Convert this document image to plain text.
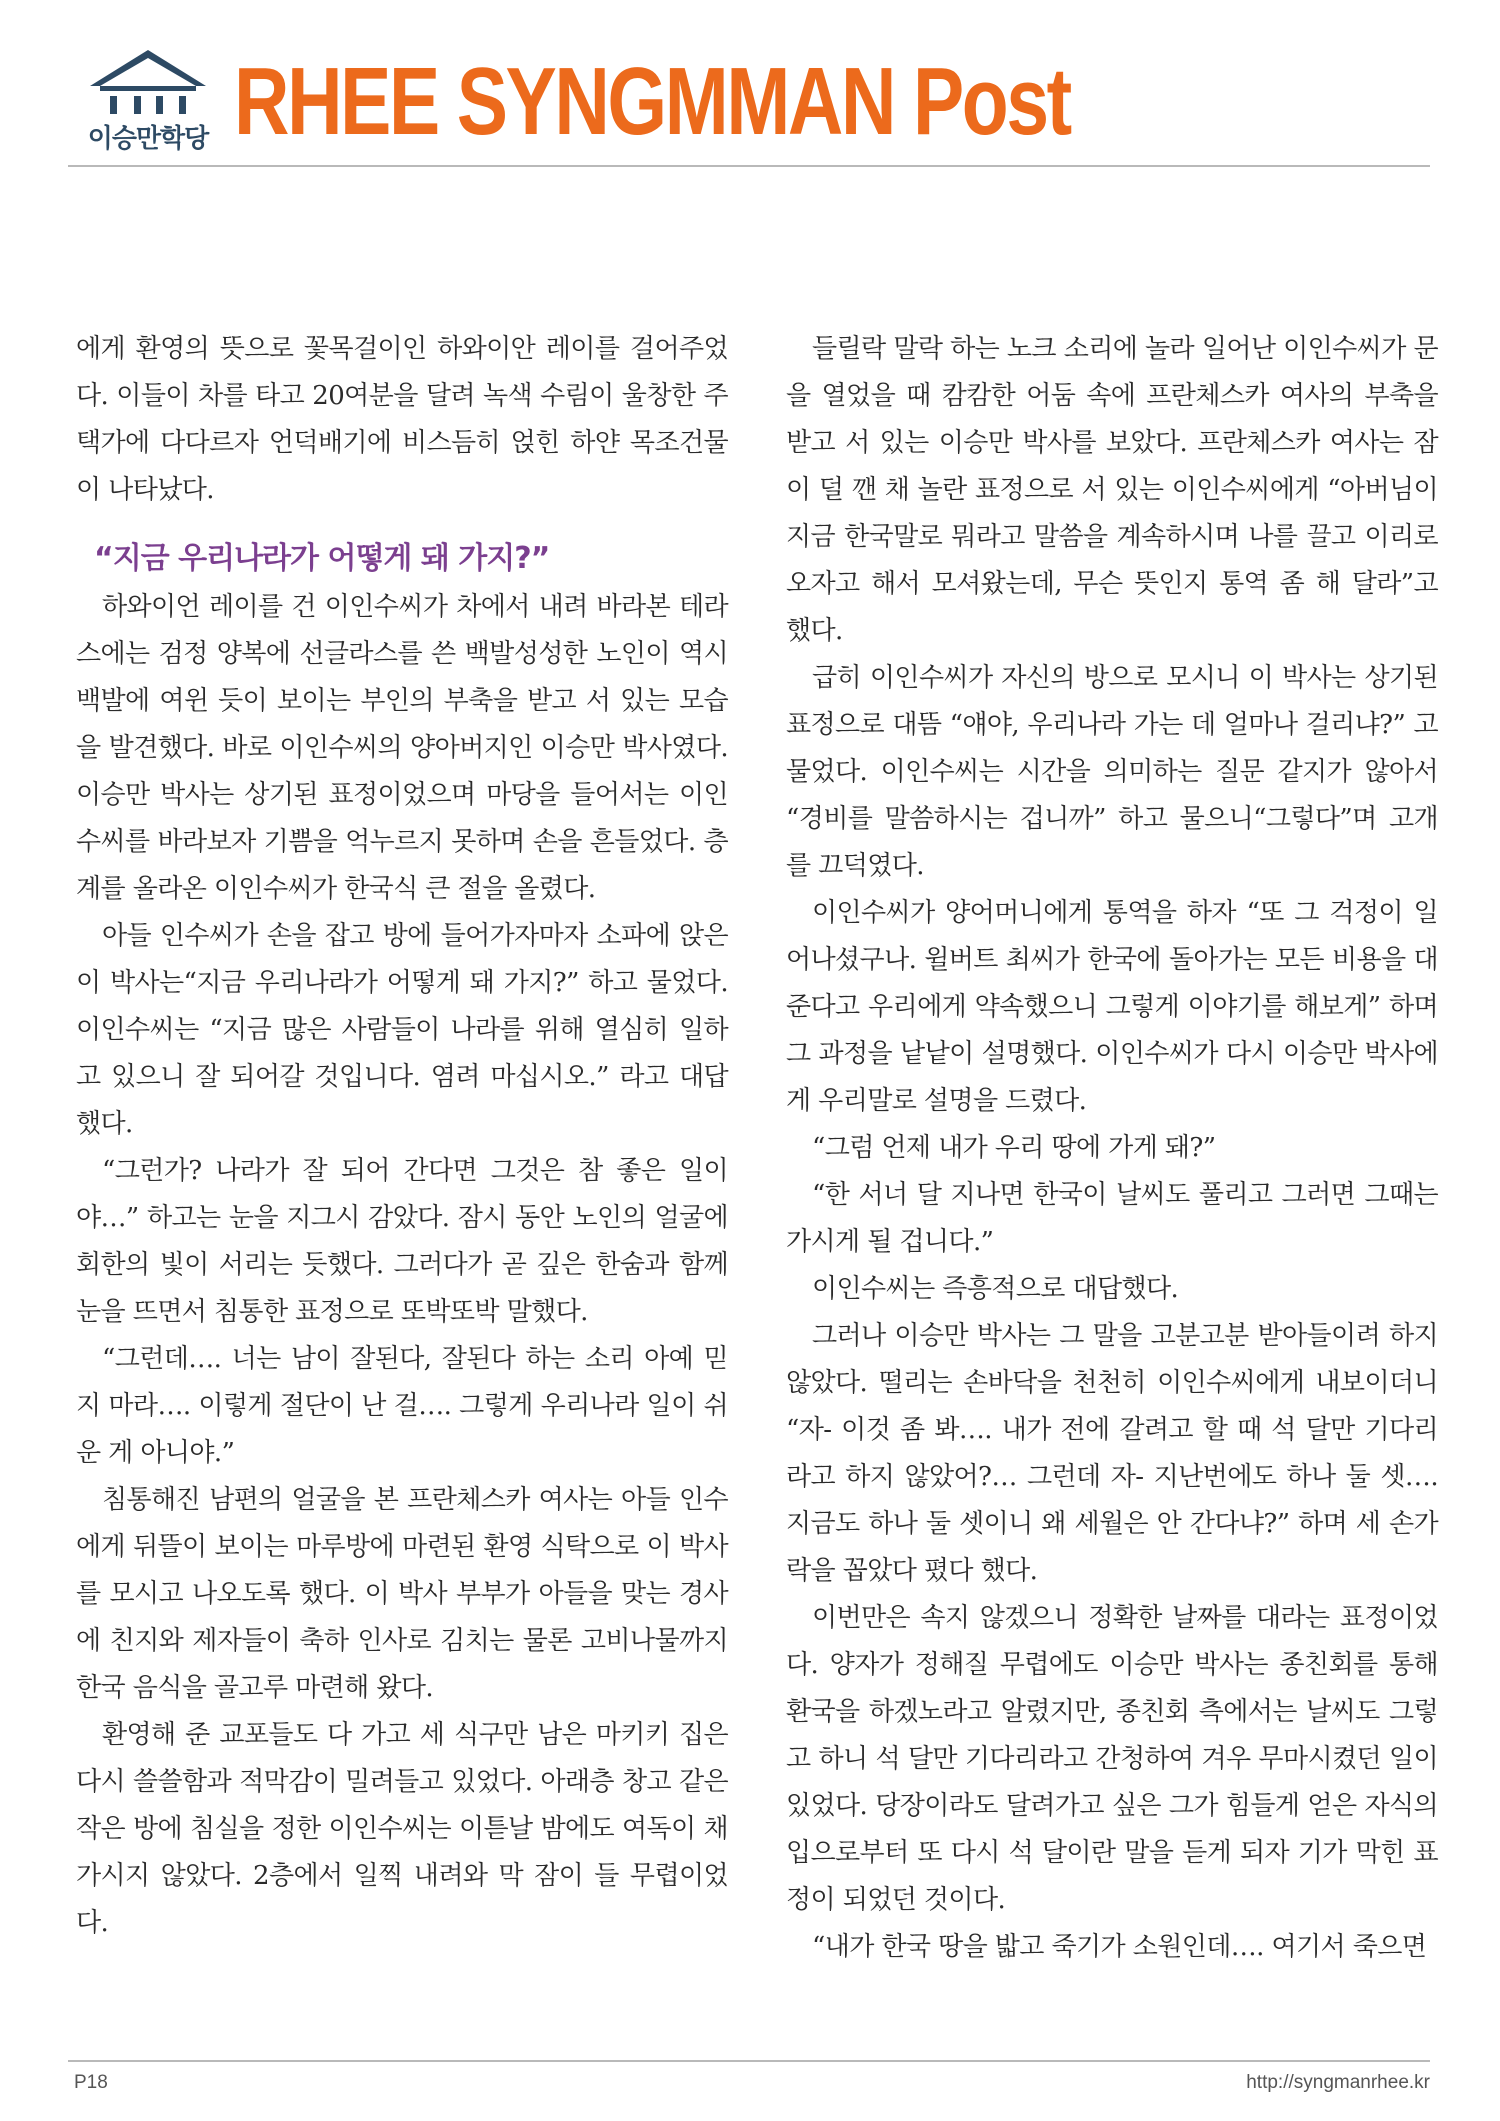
이승만학당 RHEE SYNGMMAN Post

에게 환영의 뜻으로 꽃목걸이인 하와이안 레이를 걸어주었다. 이들이 차를 타고 20여분을 달려 녹색 수림이 울창한 주택가에 다다르자 언덕배기에 비스듬히 얹힌 하얀 목조건물이 나타났다.

“지금 우리나라가 어떻게 돼 가지?”

하와이언 레이를 건 이인수씨가 차에서 내려 바라본 테라스에는 검정 양복에 선글라스를 쓴 백발성성한 노인이 역시 백발에 여윈 듯이 보이는 부인의 부축을 받고 서 있는 모습을 발견했다. 바로 이인수씨의 양아버지인 이승만 박사였다. 이승만 박사는 상기된 표정이었으며 마당을 들어서는 이인수씨를 바라보자 기쁨을 억누르지 못하며 손을 흔들었다. 층계를 올라온 이인수씨가 한국식 큰 절을 올렸다.

아들 인수씨가 손을 잡고 방에 들어가자마자 소파에 앉은 이 박사는“지금 우리나라가 어떻게 돼 가지?” 하고 물었다. 이인수씨는 “지금 많은 사람들이 나라를 위해 열심히 일하고 있으니 잘 되어갈 것입니다. 염려 마십시오.” 라고 대답했다.

“그런가? 나라가 잘 되어 간다면 그것은 참 좋은 일이야…” 하고는 눈을 지그시 감았다. 잠시 동안 노인의 얼굴에 회한의 빛이 서리는 듯했다. 그러다가 곧 깊은 한숨과 함께 눈을 뜨면서 침통한 표정으로 또박또박 말했다.

“그런데…. 너는 남이 잘된다, 잘된다 하는 소리 아예 믿지 마라…. 이렇게 절단이 난 걸…. 그렇게 우리나라 일이 쉬운 게 아니야.”

침통해진 남편의 얼굴을 본 프란체스카 여사는 아들 인수에게 뒤뜰이 보이는 마루방에 마련된 환영 식탁으로 이 박사를 모시고 나오도록 했다. 이 박사 부부가 아들을 맞는 경사에 친지와 제자들이 축하 인사로 김치는 물론 고비나물까지 한국 음식을 골고루 마련해 왔다.

환영해 준 교포들도 다 가고 세 식구만 남은 마키키 집은 다시 쓸쓸함과 적막감이 밀려들고 있었다. 아래층 창고 같은 작은 방에 침실을 정한 이인수씨는 이튿날 밤에도 여독이 채 가시지 않았다. 2층에서 일찍 내려와 막 잠이 들 무렵이었다.

들릴락 말락 하는 노크 소리에 놀라 일어난 이인수씨가 문을 열었을 때 캄캄한 어둠 속에 프란체스카 여사의 부축을 받고 서 있는 이승만 박사를 보았다. 프란체스카 여사는 잠이 덜 깬 채 놀란 표정으로 서 있는 이인수씨에게 “아버님이 지금 한국말로 뭐라고 말씀을 계속하시며 나를 끌고 이리로 오자고 해서 모셔왔는데, 무슨 뜻인지 통역 좀 해 달라”고 했다.

급히 이인수씨가 자신의 방으로 모시니 이 박사는 상기된 표정으로 대뜸 “얘야, 우리나라 가는 데 얼마나 걸리냐?” 고 물었다. 이인수씨는 시간을 의미하는 질문 같지가 않아서 “경비를 말씀하시는 겁니까” 하고 물으니“그렇다”며 고개를 끄덕였다.

이인수씨가 양어머니에게 통역을 하자 “또 그 걱정이 일어나셨구나. 윌버트 최씨가 한국에 돌아가는 모든 비용을 대준다고 우리에게 약속했으니 그렇게 이야기를 해보게” 하며 그 과정을 낱낱이 설명했다. 이인수씨가 다시 이승만 박사에게 우리말로 설명을 드렸다.

“그럼 언제 내가 우리 땅에 가게 돼?”

“한 서너 달 지나면 한국이 날씨도 풀리고 그러면 그때는 가시게 될 겁니다.”

이인수씨는 즉흥적으로 대답했다.

그러나 이승만 박사는 그 말을 고분고분 받아들이려 하지 않았다. 떨리는 손바닥을 천천히 이인수씨에게 내보이더니 “자- 이것 좀 봐…. 내가 전에 갈려고 할 때 석 달만 기다리라고 하지 않았어?… 그런데 자- 지난번에도 하나 둘 셋…. 지금도 하나 둘 셋이니 왜 세월은 안 간다냐?” 하며 세 손가락을 꼽았다 폈다 했다.

이번만은 속지 않겠으니 정확한 날짜를 대라는 표정이었다. 양자가 정해질 무렵에도 이승만 박사는 종친회를 통해 환국을 하겠노라고 알렸지만, 종친회 측에서는 날씨도 그렇고 하니 석 달만 기다리라고 간청하여 겨우 무마시켰던 일이 있었다. 당장이라도 달려가고 싶은 그가 힘들게 얻은 자식의 입으로부터 또 다시 석 달이란 말을 듣게 되자 기가 막힌 표정이 되었던 것이다.

“내가 한국 땅을 밟고 죽기가 소원인데…. 여기서 죽으면

P18	http://syngmanrhee.kr
